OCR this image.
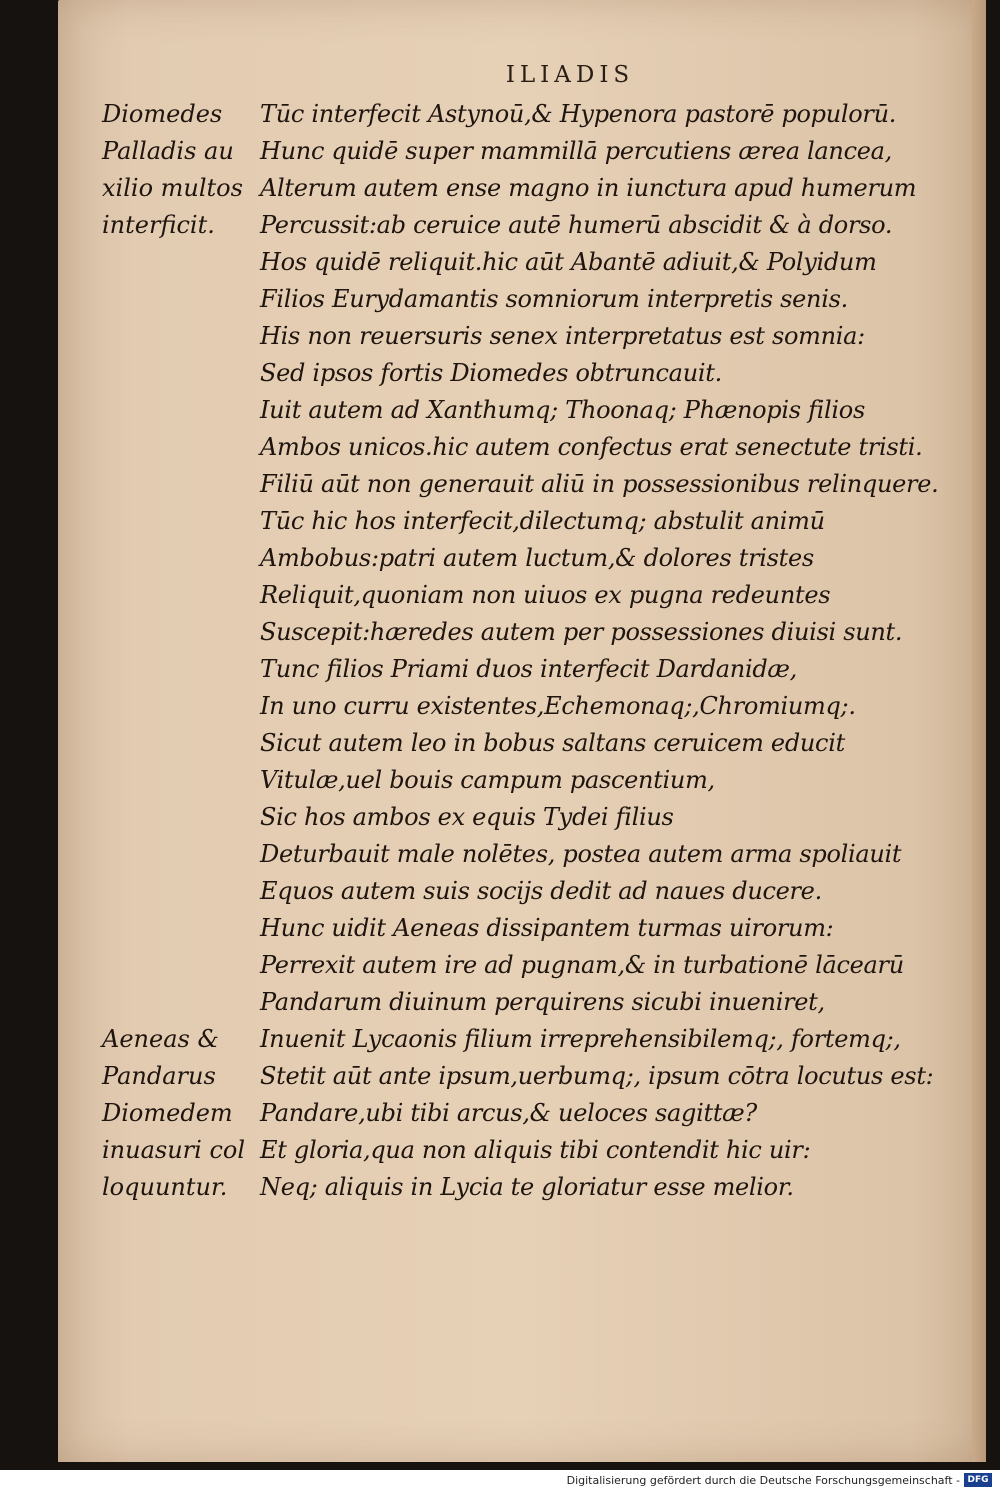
ILIADIS
Diomedes Tūc interfecit Astynoū,& Hypenora pastorē populorū.
Palladis au Hunc quidē super mammillā percutiens ærea lancea,
xilio multos Alterum autem ense magno in iunctura apud humerum
interficit. Percussit:ab ceruice autē humerū abscidit & à dorso.
Hos quidē reliquit.hic aūt Abantē adiuit,& Polyidum
Filios Eurydamantis somniorum interpretis senis.
His non reuersuris senex interpretatus est somnia:
Sed ipsos fortis Diomedes obtruncauit.
Iuit autem ad Xanthumq; Thoonaq; Phænopis filios
Ambos unicos.hic autem confectus erat senectute tristi.
Filiū aūt non generauit aliū in possessionibus relinquere.
Tūc hic hos interfecit,dilectumq; abstulit animū
Ambobus:patri autem luctum,& dolores tristes
Reliquit,quoniam non uiuos ex pugna redeuntes
Suscepit:hæredes autem per possessiones diuisi sunt.
Tunc filios Priami duos interfecit Dardanidæ,
In uno curru existentes,Echemonaq;,Chromiumq;.
Sicut autem leo in bobus saltans ceruicem educit
Vitulæ,uel bouis campum pascentium,
Sic hos ambos ex equis Tydei filius
Deturbauit male nolētes, postea autem arma spoliauit
Equos autem suis socijs dedit ad naues ducere.
Hunc uidit Aeneas dissipantem turmas uirorum:
Perrexit autem ire ad pugnam,& in turbationē lācearū
Pandarum diuinum perquirens sicubi inueniret,
Aeneas & Inuenit Lycaonis filium irreprehensibilemq;, fortemq;,
Pandarus Stetit aūt ante ipsum,uerbumq;, ipsum cōtra locutus est:
Diomedem Pandare,ubi tibi arcus,& ueloces sagittæ?
inuasuri col Et gloria,qua non aliquis tibi contendit hic uir:
loquuntur. Neq; aliquis in Lycia te gloriatur esse melior.
Digitalisierung gefördert durch die Deutsche Forschungsgemeinschaft - DFG
